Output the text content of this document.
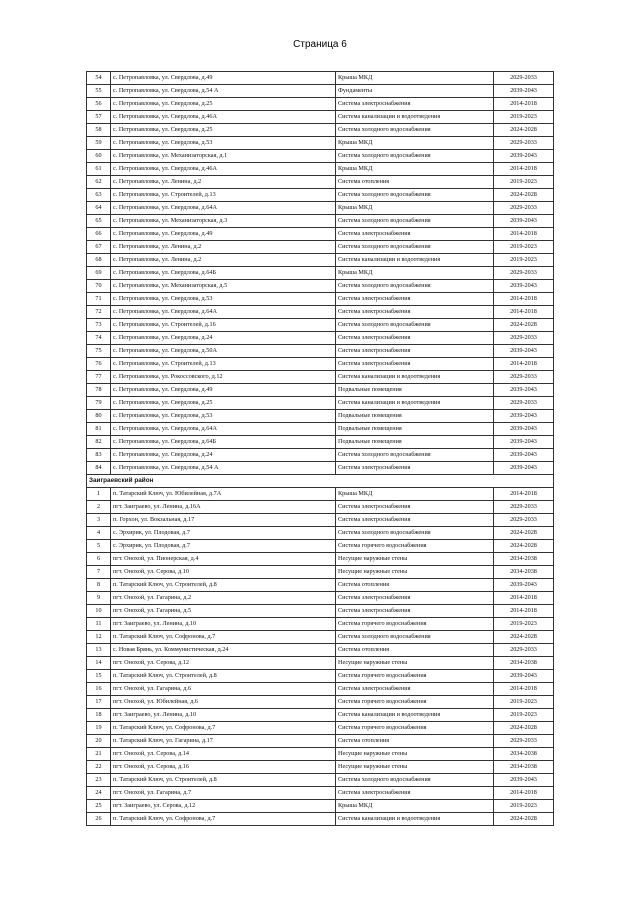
Страница 6
54	с. Петропавловка, ул. Свердлова, д.49	Крыша МКД	2029-2033
55	с. Петропавловка, ул. Свердлова, д.54 А	Фундаменты	2039-2043
56	с. Петропавловка, ул. Свердлова, д.25	Система электроснабжения	2014-2018
57	с. Петропавловка, ул. Свердлова, д.46А	Система канализации и водоотведения	2019-2023
58	с. Петропавловка, ул. Свердлова, д.25	Система холодного водоснабжения	2024-2028
59	с. Петропавловка, ул. Свердлова, д.53	Крыша МКД	2029-2033
60	с. Петропавловка, ул. Механизаторская, д.1	Система холодного водоснабжения	2039-2043
61	с. Петропавловка, ул. Свердлова, д.46А	Крыша МКД	2014-2018
62	с. Петропавловка, ул. Ленина, д.2	Система отопления	2019-2023
63	с. Петропавловка, ул. Строителей, д.13	Система холодного водоснабжения	2024-2028
64	с. Петропавловка, ул. Свердлова, д.64А	Крыша МКД	2029-2033
65	с. Петропавловка, ул. Механизаторская, д.3	Система холодного водоснабжения	2039-2043
66	с. Петропавловка, ул. Свердлова, д.49	Система электроснабжения	2014-2018
67	с. Петропавловка, ул. Ленина, д.2	Система холодного водоснабжения	2019-2023
68	с. Петропавловка, ул. Ленина, д.2	Система канализации и водоотведения	2019-2023
69	с. Петропавловка, ул. Свердлова, д.64Б	Крыша МКД	2029-2033
70	с. Петропавловка, ул. Механизаторская, д.5	Система холодного водоснабжения	2039-2043
71	с. Петропавловка, ул. Свердлова, д.53	Система электроснабжения	2014-2018
72	с. Петропавловка, ул. Свердлова, д.64А	Система электроснабжения	2014-2018
73	с. Петропавловка, ул. Строителей, д.16	Система холодного водоснабжения	2024-2028
74	с. Петропавловка, ул. Свердлова, д.24	Система электроснабжения	2029-2033
75	с. Петропавловка, ул. Свердлова, д.50А	Система электроснабжения	2039-2043
76	с. Петропавловка, ул. Строителей, д.13	Система электроснабжения	2014-2018
77	с. Петропавловка, ул. Рокоссовского, д.12	Система канализации и водоотведения	2029-2033
78	с. Петропавловка, ул. Свердлова, д.49	Подвальные помещения	2039-2043
79	с. Петропавловка, ул. Свердлова, д.25	Система канализации и водоотведения	2029-2033
80	с. Петропавловка, ул. Свердлова, д.53	Подвальные помещения	2039-2043
81	с. Петропавловка, ул. Свердлова, д.64А	Подвальные помещения	2039-2043
82	с. Петропавловка, ул. Свердлова, д.64Б	Подвальные помещения	2039-2043
83	с. Петропавловка, ул. Свердлова, д.24	Система холодного водоснабжения	2039-2043
84	с. Петропавловка, ул. Свердлова, д.54 А	Система электроснабжения	2039-2043
Заиграевский район			
1	п. Татарский Ключ, ул. Юбилейная, д.7А	Крыша МКД	2014-2018
2	пгт. Заиграево, ул. Ленина, д.16А	Система электроснабжения	2029-2033
3	п. Горхон, ул. Вокзальная, д.17	Система электроснабжения	2029-2033
4	с. Эрхирик, ул. Плодовая, д.7	Система холодного водоснабжения	2024-2028
5	с. Эрхирик, ул. Плодовая, д.7	Система горячего водоснабжения	2024-2028
6	пгт. Онохой, ул. Пионерская, д.4	Несущие наружные стены	2034-2038
7	пгт. Онохой, ул. Серова, д.10	Несущие наружные стены	2034-2038
8	п. Татарский Ключ, ул. Строителей, д.8	Система отопления	2039-2043
9	пгт. Онохой, ул. Гагарина, д.2	Система электроснабжения	2014-2018
10	пгт. Онохой, ул. Гагарина, д.5	Система электроснабжения	2014-2018
11	пгт. Заиграево, ул. Ленина, д.10	Система горячего водоснабжения	2019-2023
12	п. Татарский Ключ, ул. Софронова, д.7	Система холодного водоснабжения	2024-2028
13	с. Новая Брянь, ул. Коммунистическая, д.24	Система отопления	2029-2033
14	пгт. Онохой, ул. Серова, д.12	Несущие наружные стены	2034-2038
15	п. Татарский Ключ, ул. Строителей, д.8	Система горячего водоснабжения	2039-2043
16	пгт. Онохой, ул. Гагарина, д.6	Система электроснабжения	2014-2018
17	пгт. Онохой, ул. Юбилейная, д.6	Система горячего водоснабжения	2019-2023
18	пгт. Заиграево, ул. Ленина, д.10	Система канализации и водоотведения	2019-2023
19	п. Татарский Ключ, ул. Софронова, д.7	Система горячего водоснабжения	2024-2028
20	п. Татарский Ключ, ул. Гагарина, д.17	Система отопления	2029-2033
21	пгт. Онохой, ул. Серова, д.14	Несущие наружные стены	2034-2038
22	пгт. Онохой, ул. Серова, д.16	Несущие наружные стены	2034-2038
23	п. Татарский Ключ, ул. Строителей, д.8	Система холодного водоснабжения	2039-2043
24	пгт. Онохой, ул. Гагарина, д.7	Система электроснабжения	2014-2018
25	пгт. Заиграево, ул. Серова, д.12	Крыша МКД	2019-2023
26	п. Татарский Ключ, ул. Софронова, д.7	Система канализации и водоотведения	2024-2028
